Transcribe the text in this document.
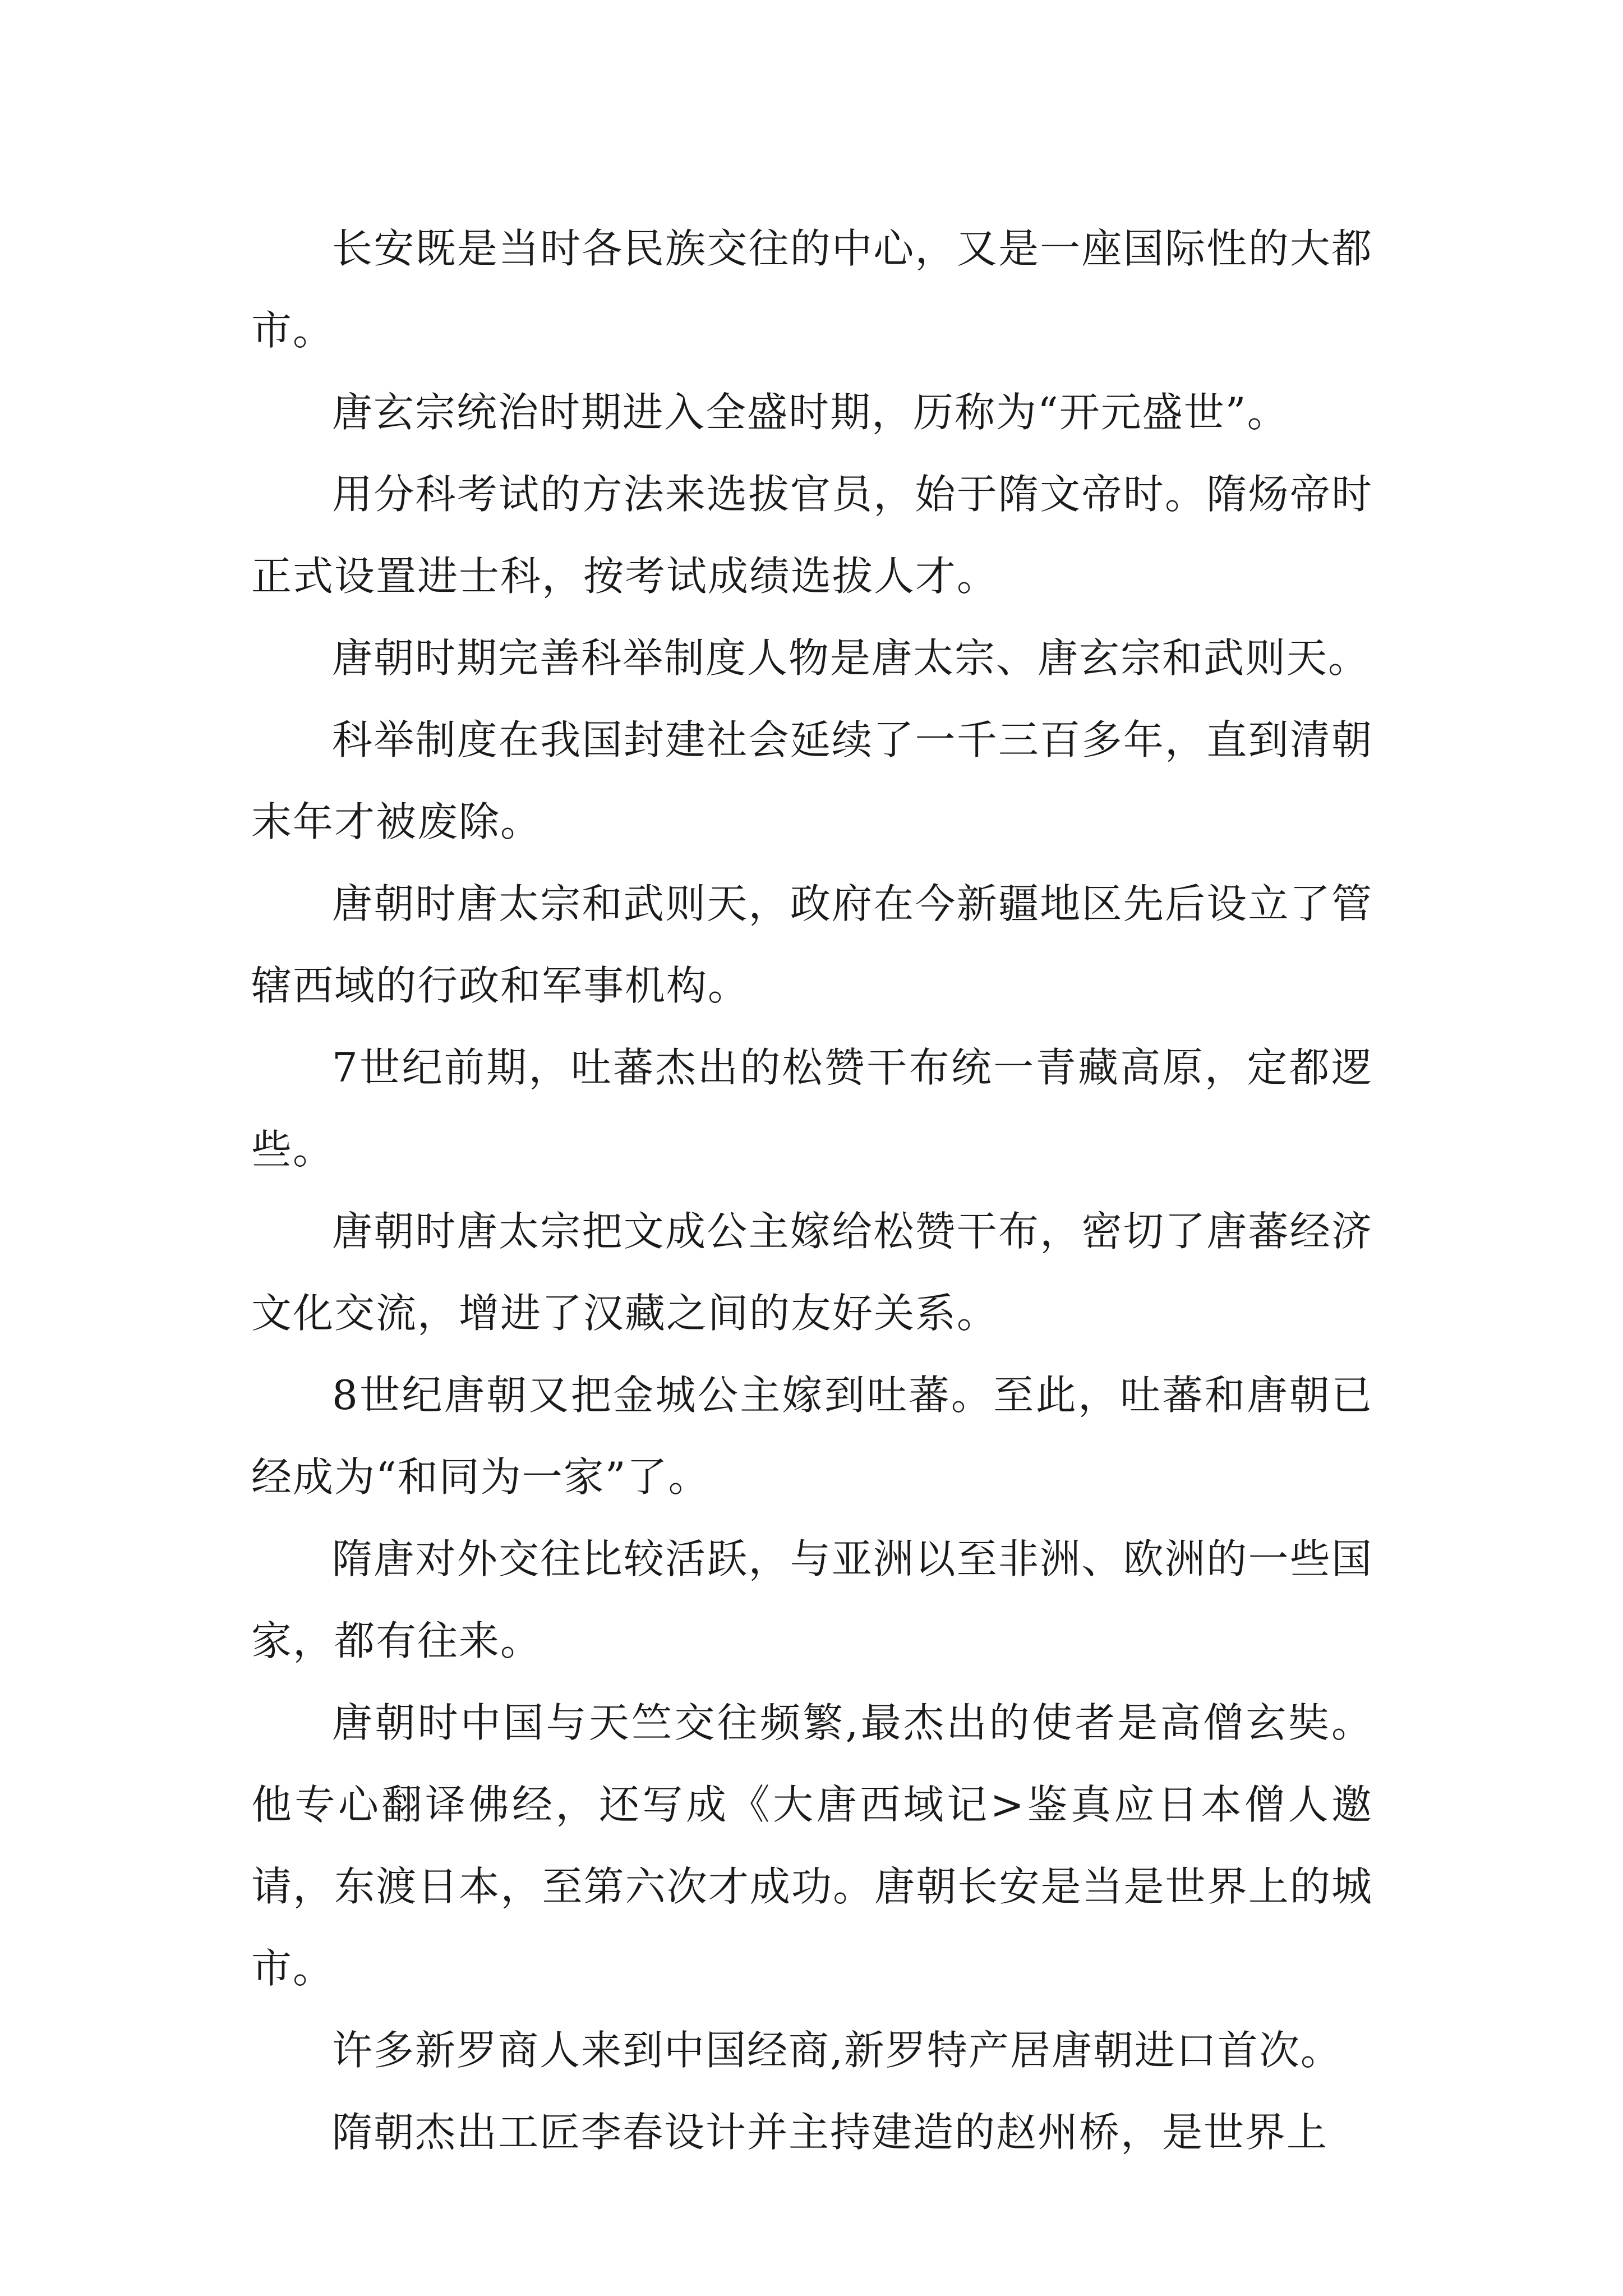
长安既是当时各民族交往的中心，又是一座国际性的大都市。

唐玄宗统治时期进入全盛时期，历称为“开元盛世”。

用分科考试的方法来选拔官员，始于隋文帝时。隋炀帝时正式设置进士科，按考试成绩选拔人才。

唐朝时期完善科举制度人物是唐太宗、唐玄宗和武则天。

科举制度在我国封建社会延续了一千三百多年，直到清朝末年才被废除。

唐朝时唐太宗和武则天，政府在今新疆地区先后设立了管辖西域的行政和军事机构。

7世纪前期，吐蕃杰出的松赞干布统一青藏高原，定都逻些。

唐朝时唐太宗把文成公主嫁给松赞干布，密切了唐蕃经济文化交流，增进了汉藏之间的友好关系。

8世纪唐朝又把金城公主嫁到吐蕃。至此，吐蕃和唐朝已经成为“和同为一家”了。

隋唐对外交往比较活跃，与亚洲以至非洲、欧洲的一些国家，都有往来。

唐朝时中国与天竺交往频繁,最杰出的使者是高僧玄奘。他专心翻译佛经，还写成《大唐西域记>鉴真应日本僧人邀请，东渡日本，至第六次才成功。唐朝长安是当是世界上的城市。

许多新罗商人来到中国经商,新罗特产居唐朝进口首次。

隋朝杰出工匠李春设计并主持建造的赵州桥，是世界上
